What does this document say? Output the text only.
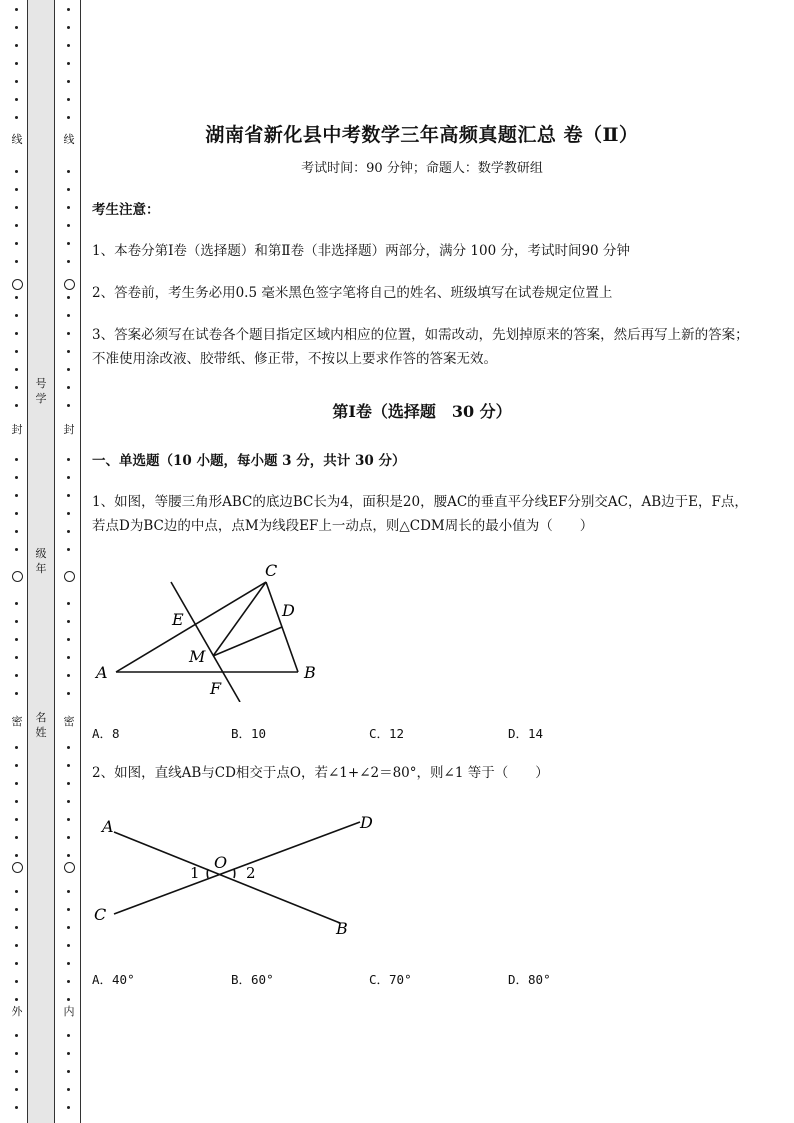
线
封
密
外
号
学
级
年
名
姓
线
封
密
内
湖南省新化县中考数学三年高频真题汇总 卷（Ⅱ）
考试时间：90 分钟；命题人：数学教研组
考生注意：
1、本卷分第Ⅰ卷（选择题）和第Ⅱ卷（非选择题）两部分，满分 100 分，考试时间90 分钟
2、答卷前，考生务必用0.5 毫米黑色签字笔将自己的姓名、班级填写在试卷规定位置上
3、答案必须写在试卷各个题目指定区域内相应的位置，如需改动，先划掉原来的答案，然后再写上新的答案；不准使用涂改液、胶带纸、修正带，不按以上要求作答的答案无效。
第Ⅰ卷（选择题　30 分）
一、单选题（10 小题，每小题 3 分，共计 30 分）
1、如图，等腰三角形ABC的底边BC长为4，面积是20，腰AC的垂直平分线EF分别交AC，AB边于E，F点，若点D为BC边的中点，点M为线段EF上一动点，则△CDM周长的最小值为（　　）
C
D
E
M
A	B
F
A．8	B．10	C．12	D．14
2、如图，直线AB与CD相交于点O，若∠1+∠2＝80°，则∠1 等于（　　）
A	D
O
1	2
C
B
A．40°	B．60°	C．70°	D．80°
